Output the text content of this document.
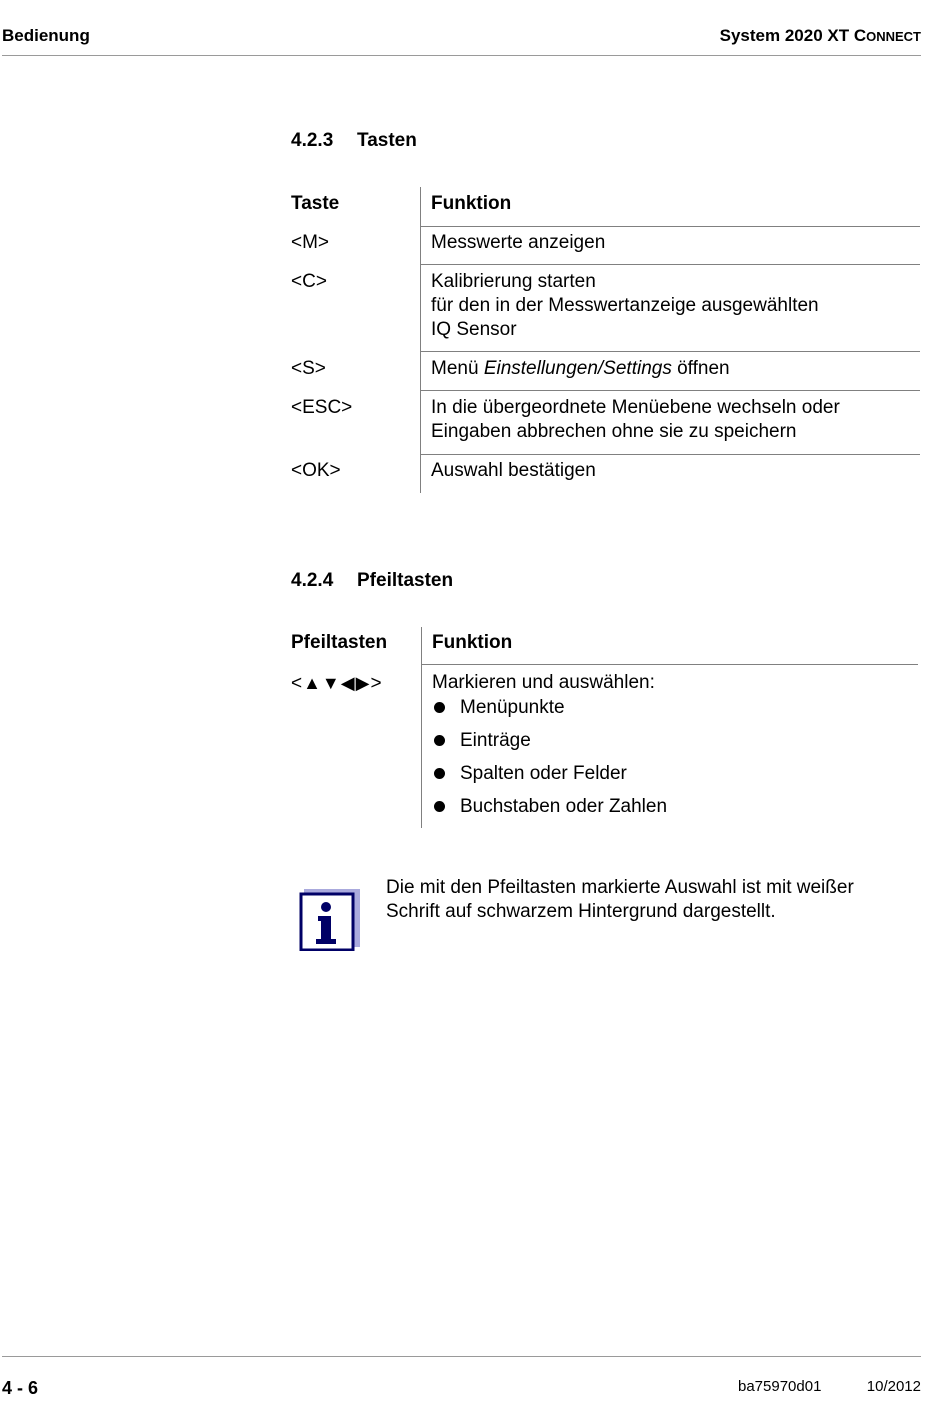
Bedienung	System 2020 XT CONNECT
4.2.3 Tasten
Taste	Funktion
<M>	Messwerte anzeigen
<C>	Kalibrierung starten
für den in der Messwertanzeige ausgewählten
IQ Sensor
<S>	Menü Einstellungen/Settings öffnen
<ESC>	In die übergeordnete Menüebene wechseln oder
Eingaben abbrechen ohne sie zu speichern
<OK>	Auswahl bestätigen
4.2.4 Pfeiltasten
Pfeiltasten Funktion
<▲▼◀▶>	Markieren und auswählen:
Menüpunkte
Einträge
Spalten oder Felder
Buchstaben oder Zahlen
Die mit den Pfeiltasten markierte Auswahl ist mit weißer
Schrift auf schwarzem Hintergrund dargestellt.
4 - 6	ba75970d01	10/2012
